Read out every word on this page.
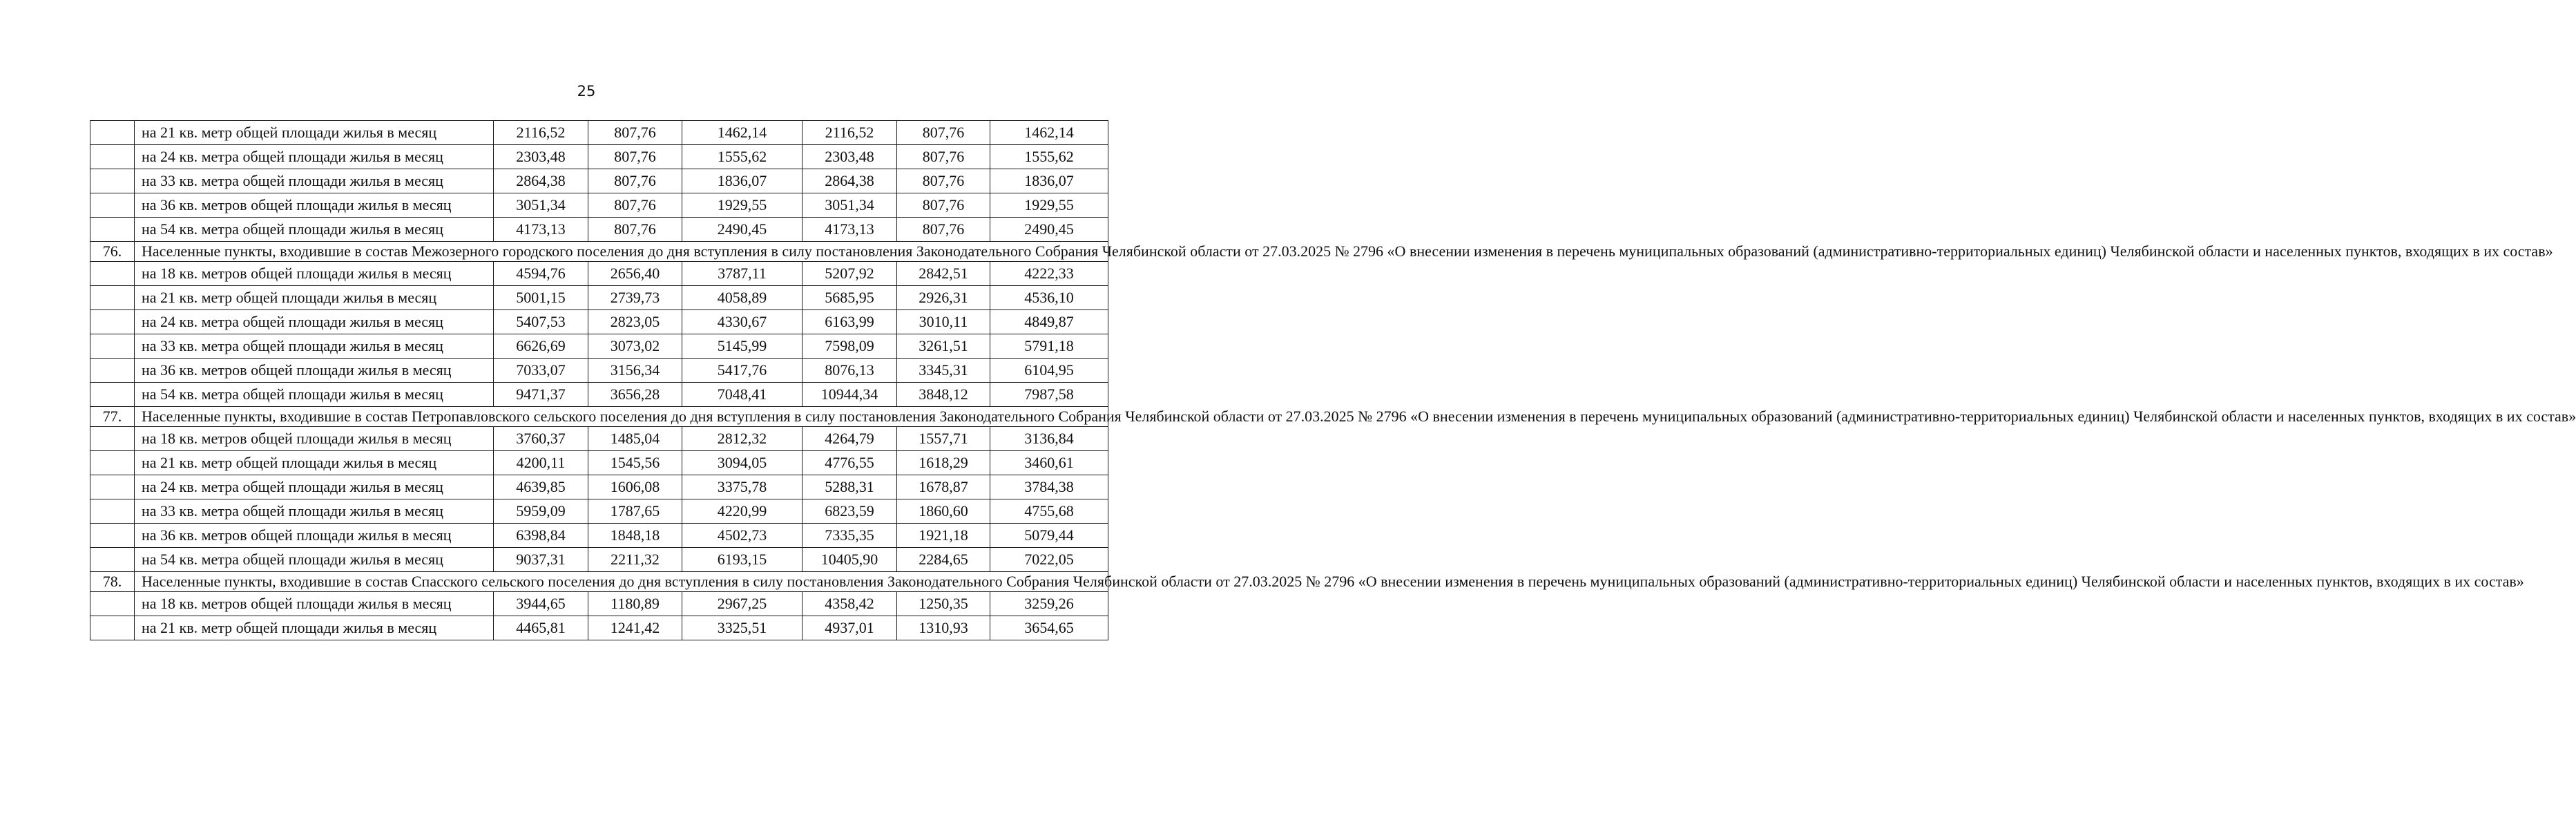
25
	на 21 кв. метр общей площади жилья в месяц	2116,52	807,76	1462,14	2116,52	807,76	1462,14
	на 24 кв. метра общей площади жилья в месяц	2303,48	807,76	1555,62	2303,48	807,76	1555,62
	на 33 кв. метра общей площади жилья в месяц	2864,38	807,76	1836,07	2864,38	807,76	1836,07
	на 36 кв. метров общей площади жилья в месяц	3051,34	807,76	1929,55	3051,34	807,76	1929,55
	на 54 кв. метра общей площади жилья в месяц	4173,13	807,76	2490,45	4173,13	807,76	2490,45
76.	Населенные пункты, входившие в состав Межозерного городского поселения до дня вступления в силу постановления Законодательного Собрания Челябинской области от 27.03.2025 № 2796 «О внесении изменения в перечень муниципальных образований (административно-территориальных единиц) Челябинской области и населенных пунктов, входящих в их состав»						
	на 18 кв. метров общей площади жилья в месяц	4594,76	2656,40	3787,11	5207,92	2842,51	4222,33
	на 21 кв. метр общей площади жилья в месяц	5001,15	2739,73	4058,89	5685,95	2926,31	4536,10
	на 24 кв. метра общей площади жилья в месяц	5407,53	2823,05	4330,67	6163,99	3010,11	4849,87
	на 33 кв. метра общей площади жилья в месяц	6626,69	3073,02	5145,99	7598,09	3261,51	5791,18
	на 36 кв. метров общей площади жилья в месяц	7033,07	3156,34	5417,76	8076,13	3345,31	6104,95
	на 54 кв. метра общей площади жилья в месяц	9471,37	3656,28	7048,41	10944,34	3848,12	7987,58
77.	Населенные пункты, входившие в состав Петропавловского сельского поселения до дня вступления в силу постановления Законодательного Собрания Челябинской области от 27.03.2025 № 2796 «О внесении изменения в перечень муниципальных образований (административно-территориальных единиц) Челябинской области и населенных пунктов, входящих в их состав»						
	на 18 кв. метров общей площади жилья в месяц	3760,37	1485,04	2812,32	4264,79	1557,71	3136,84
	на 21 кв. метр общей площади жилья в месяц	4200,11	1545,56	3094,05	4776,55	1618,29	3460,61
	на 24 кв. метра общей площади жилья в месяц	4639,85	1606,08	3375,78	5288,31	1678,87	3784,38
	на 33 кв. метра общей площади жилья в месяц	5959,09	1787,65	4220,99	6823,59	1860,60	4755,68
	на 36 кв. метров общей площади жилья в месяц	6398,84	1848,18	4502,73	7335,35	1921,18	5079,44
	на 54 кв. метра общей площади жилья в месяц	9037,31	2211,32	6193,15	10405,90	2284,65	7022,05
78.	Населенные пункты, входившие в состав Спасского сельского поселения до дня вступления в силу постановления Законодательного Собрания Челябинской области от 27.03.2025 № 2796 «О внесении изменения в перечень муниципальных образований (административно-территориальных единиц) Челябинской области и населенных пунктов, входящих в их состав»						
	на 18 кв. метров общей площади жилья в месяц	3944,65	1180,89	2967,25	4358,42	1250,35	3259,26
	на 21 кв. метр общей площади жилья в месяц	4465,81	1241,42	3325,51	4937,01	1310,93	3654,65
